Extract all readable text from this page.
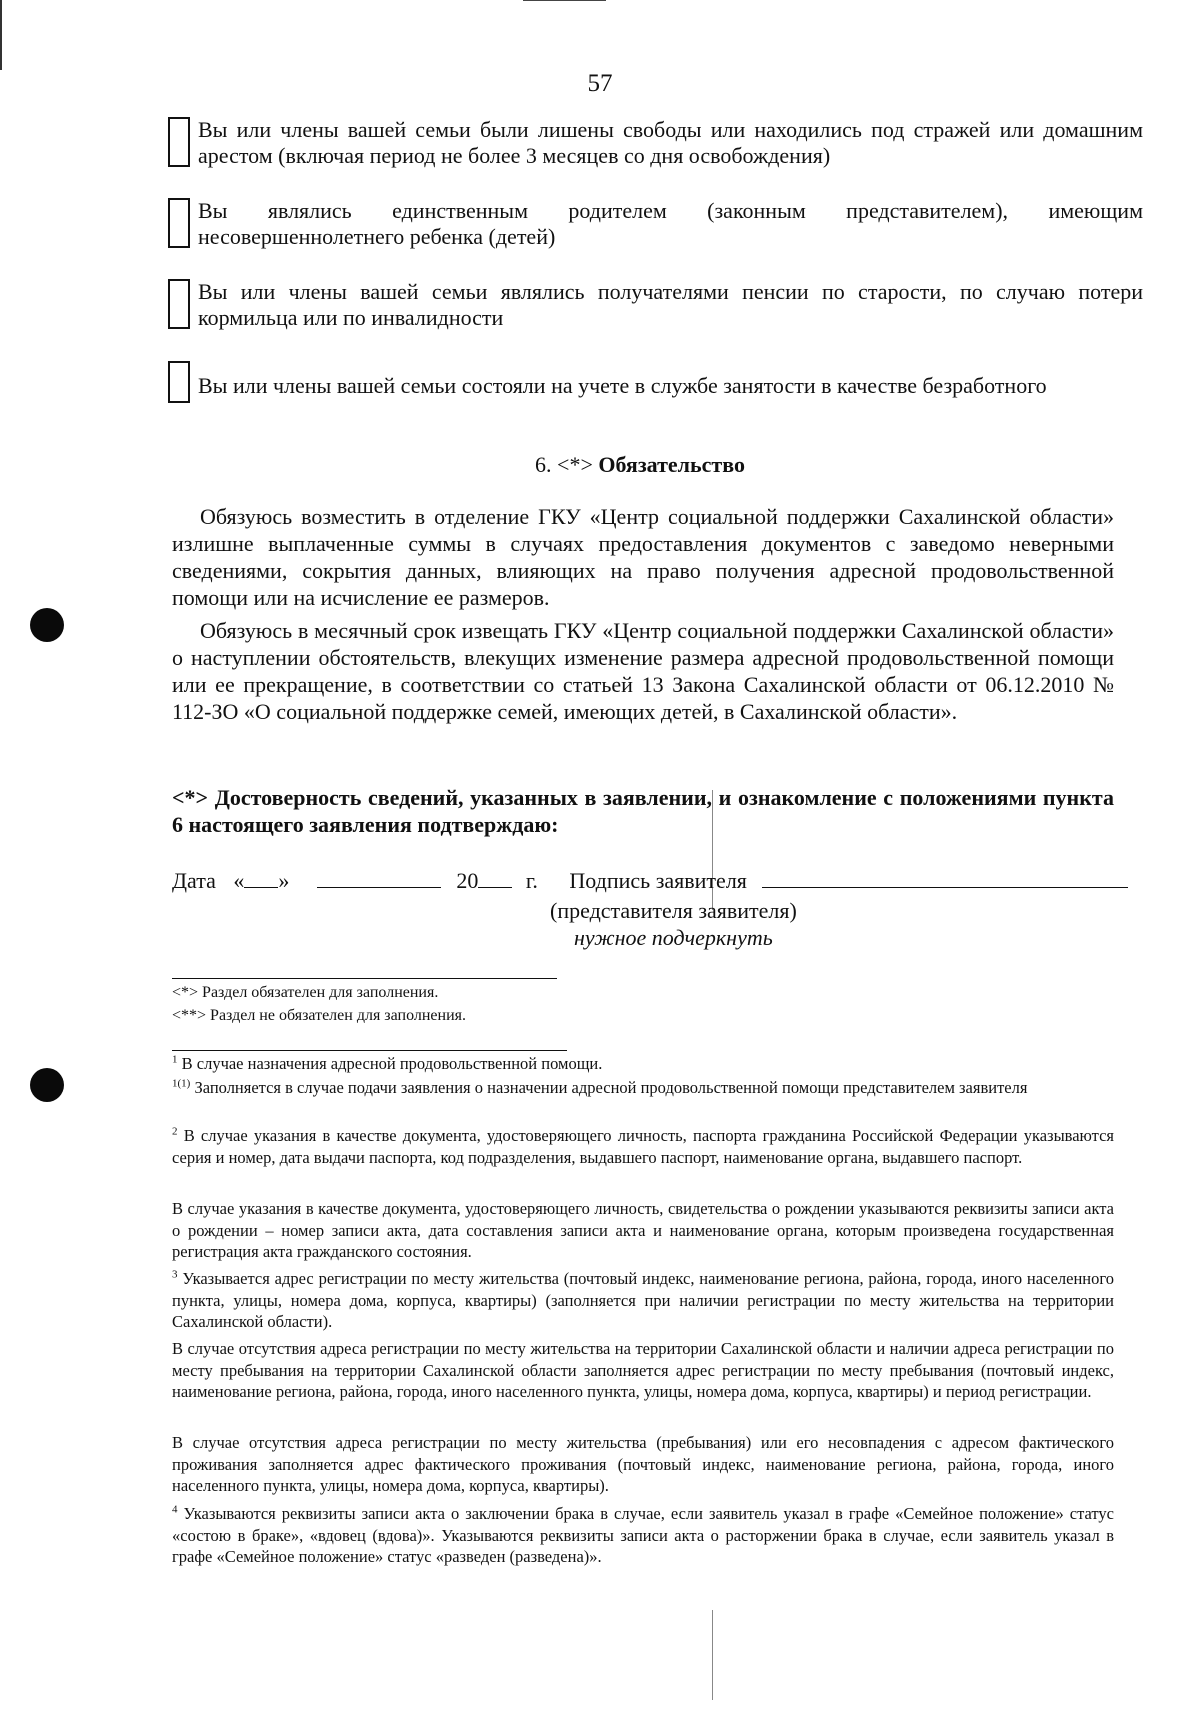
57
Вы или члены вашей семьи были лишены свободы или находились под стражей или домашним арестом (включая период не более 3 месяцев со дня освобождения)
Вы являлись единственным родителем (законным представителем), имеющим несовершеннолетнего ребенка (детей)
Вы или члены вашей семьи являлись получателями пенсии по старости, по случаю потери кормильца или по инвалидности
Вы или члены вашей семьи состояли на учете в службе занятости в качестве безработного
6. <*> Обязательство

Обязуюсь возместить в отделение ГКУ «Центр социальной поддержки Сахалинской области» излишне выплаченные суммы в случаях предоставления документов с заведомо неверными сведениями, сокрытия данных, влияющих на право получения адресной продовольственной помощи или на исчисление ее размеров.

Обязуюсь в месячный срок извещать ГКУ «Центр социальной поддержки Сахалинской области» о наступлении обстоятельств, влекущих изменение размера адресной продовольственной помощи или ее прекращение, в соответствии со статьей 13 Закона Сахалинской области от 06.12.2010 № 112-ЗО «О социальной поддержке семей, имеющих детей, в Сахалинской области».

<*> Достоверность сведений, указанных в заявлении, и ознакомление с положениями пункта 6 настоящего заявления подтверждаю:

Дата « »	20 г. Подпись заявителя
(представителя заявителя)
нужное подчеркнуть
<*> Раздел обязателен для заполнения.
<**> Раздел не обязателен для заполнения.

$^1$ В случае назначения адресной продовольственной помощи.

$^{1(1)}$ Заполняется в случае подачи заявления о назначении адресной продовольственной помощи представителем заявителя

$^2$ В случае указания в качестве документа, удостоверяющего личность, паспорта гражданина Российской Федерации указываются серия и номер, дата выдачи паспорта, код подразделения, выдавшего паспорт, наименование органа, выдавшего паспорт.

В случае указания в качестве документа, удостоверяющего личность, свидетельства о рождении указываются реквизиты записи акта о рождении – номер записи акта, дата составления записи акта и наименование органа, которым произведена государственная регистрация акта гражданского состояния.

$^3$ Указывается адрес регистрации по месту жительства (почтовый индекс, наименование региона, района, города, иного населенного пункта, улицы, номера дома, корпуса, квартиры) (заполняется при наличии регистрации по месту жительства на территории Сахалинской области).

В случае отсутствия адреса регистрации по месту жительства на территории Сахалинской области и наличии адреса регистрации по месту пребывания на территории Сахалинской области заполняется адрес регистрации по месту пребывания (почтовый индекс, наименование региона, района, города, иного населенного пункта, улицы, номера дома, корпуса, квартиры) и период регистрации.

В случае отсутствия адреса регистрации по месту жительства (пребывания) или его несовпадения с адресом фактического проживания заполняется адрес фактического проживания (почтовый индекс, наименование региона, района, города, иного населенного пункта, улицы, номера дома, корпуса, квартиры).

$^4$ Указываются реквизиты записи акта о заключении брака в случае, если заявитель указал в графе «Семейное положение» статус «состою в браке», «вдовец (вдова)». Указываются реквизиты записи акта о расторжении брака в случае, если заявитель указал в графе «Семейное положение» статус «разведен (разведена)».
